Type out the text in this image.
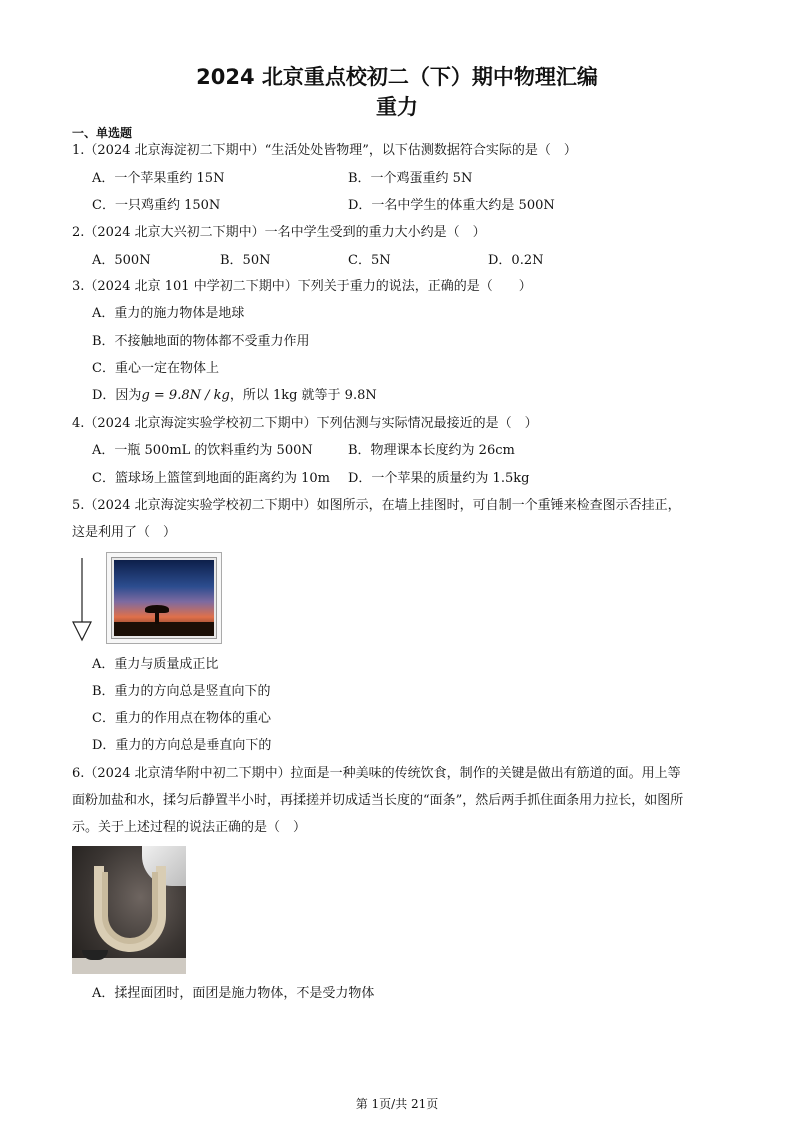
2024 北京重点校初二（下）期中物理汇编
重力
一、单选题
1.（2024 北京海淀初二下期中）“生活处处皆物理”，以下估测数据符合实际的是（　）
A．一个苹果重约 15N	B．一个鸡蛋重约 5N
C．一只鸡重约 150N	D．一名中学生的体重大约是 500N
2.（2024 北京大兴初二下期中）一名中学生受到的重力大小约是（　）
A．500N	B．50N	C．5N	D．0.2N
3.（2024 北京 101 中学初二下期中）下列关于重力的说法，正确的是（　　）
A．重力的施力物体是地球
B．不接触地面的物体都不受重力作用
C．重心一定在物体上
D．因为g = 9.8N / kg，所以 1kg 就等于 9.8N
4.（2024 北京海淀实验学校初二下期中）下列估测与实际情况最接近的是（　）
A．一瓶 500mL 的饮料重约为 500N	B．物理课本长度约为 26cm
C．篮球场上篮筐到地面的距离约为 10m D．一个苹果的质量约为 1.5kg
5.（2024 北京海淀实验学校初二下期中）如图所示，在墙上挂图时，可自制一个重锤来检查图示否挂正，
这是利用了（　）
A．重力与质量成正比
B．重力的方向总是竖直向下的
C．重力的作用点在物体的重心
D．重力的方向总是垂直向下的
6.（2024 北京清华附中初二下期中）拉面是一种美味的传统饮食，制作的关键是做出有筋道的面。用上等
面粉加盐和水，揉匀后静置半小时，再揉搓并切成适当长度的“面条”，然后两手抓住面条用力拉长，如图所
示。关于上述过程的说法正确的是（　）
A．揉捏面团时，面团是施力物体，不是受力物体
第 1页/共 21页
